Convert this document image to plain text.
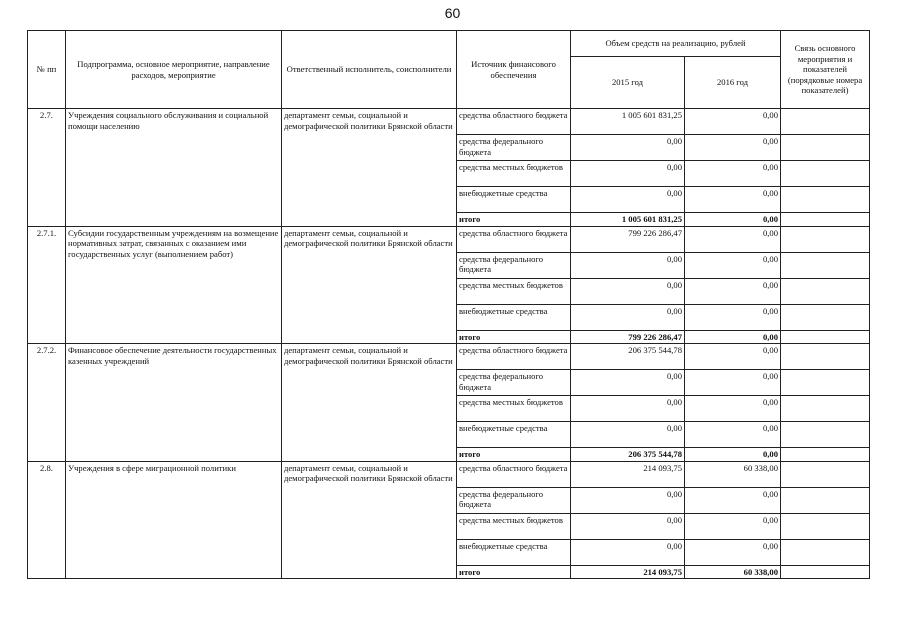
60
№ пп	Подпрограмма, основное мероприятие, направление расходов, мероприятие	Ответственный исполнитель, соисполнители	Источник финансового обеспечения	Объем средств на реализацию, рублей		Связь основного мероприятия и показателей (порядковые номера показателей)
				2015 год	2016 год	
2.7.	Учреждения социального обслуживания и социальной помощи населению	департамент семьи, социальной и демографической политики Брянской области	средства областного бюджета	1 005 601 831,25	0,00	
			средства федерального бюджета	0,00	0,00	
			средства местных бюджетов	0,00	0,00	
			внебюджетные средства	0,00	0,00	
			итого	1 005 601 831,25	0,00	
2.7.1.	Субсидии государственным учреждениям на возмещение нормативных затрат, связанных с оказанием ими государственных услуг (выполнением работ)	департамент семьи, социальной и демографической политики Брянской области	средства областного бюджета	799 226 286,47	0,00	
			средства федерального бюджета	0,00	0,00	
			средства местных бюджетов	0,00	0,00	
			внебюджетные средства	0,00	0,00	
			итого	799 226 286,47	0,00	
2.7.2.	Финансовое обеспечение деятельности государственных казенных учреждений	департамент семьи, социальной и демографической политики Брянской области	средства областного бюджета	206 375 544,78	0,00	
			средства федерального бюджета	0,00	0,00	
			средства местных бюджетов	0,00	0,00	
			внебюджетные средства	0,00	0,00	
			итого	206 375 544,78	0,00	
2.8.	Учреждения в сфере миграционной политики	департамент семьи, социальной и демографической политики Брянской области	средства областного бюджета	214 093,75	60 338,00	
			средства федерального бюджета	0,00	0,00	
			средства местных бюджетов	0,00	0,00	
			внебюджетные средства	0,00	0,00	
			итого	214 093,75	60 338,00	
